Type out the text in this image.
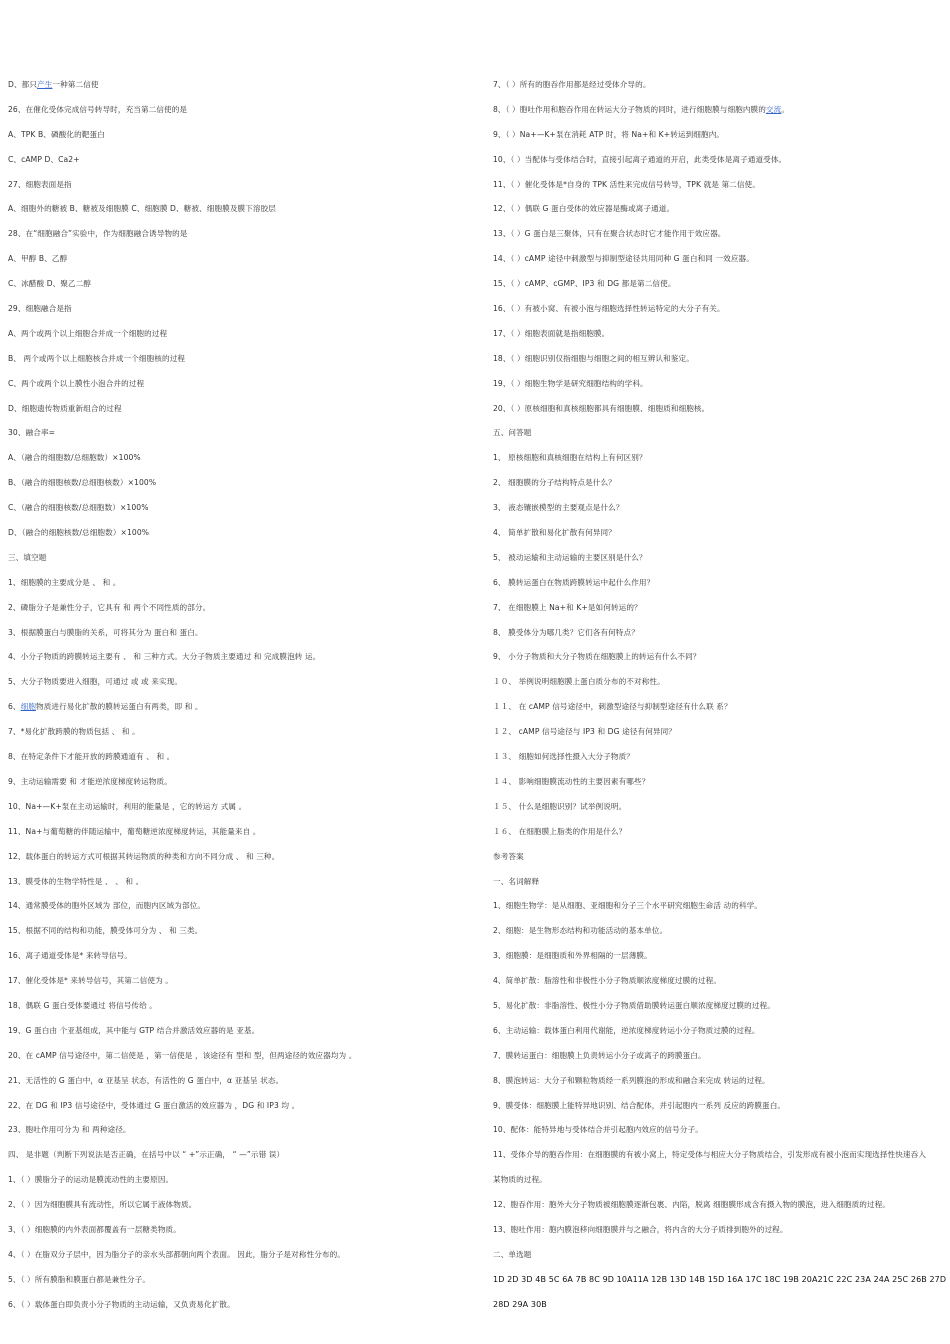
D、都只产生一种第二信使
26、在催化受体完成信号转导时，充当第二信使的是
A、TPK B、磷酸化的靶蛋白
C、cAMP D、Ca2+
27、细胞表面是指
A、细胞外的糖被 B、糖被及细胞膜 C、细胞膜 D、糖被、细胞膜及膜下溶胶层
28、在“细胞融合”实验中，作为细胞融合诱导物的是
A、甲醇 B、乙醇
C、冰醋酸 D、聚乙二醇
29、细胞融合是指
A、两个或两个以上细胞合并成一个细胞的过程
B、 两个或两个以上细胞核合并成一个细胞核的过程
C、两个或两个以上膜性小泡合并的过程
D、细胞遗传物质重新组合的过程
30、融合率=
A、（融合的细胞数/总细胞数）×100%
B、（融合的细胞核数/总细胞核数）×100%
C、（融合的细胞核数/总细胞数）×100%
D、（融合的细胞核数/总细胞数）×100%
三、填空题
1、细胞膜的主要成分是 、 和 。
2、磷脂分子是兼性分子，它具有 和 两个不同性质的部分。
3、根据膜蛋白与膜脂的关系，可将其分为 蛋白和 蛋白。
4、小分子物质的跨膜转运主要有 、 和 三种方式。大分子物质主要通过 和 完成膜泡转 运。
5、大分子物质要进入细胞，可通过 或 或 来实现。
6、细胞物质进行易化扩散的膜转运蛋白有两类，即 和 。
7、*易化扩散跨膜的物质包括 、 和 。
8、在特定条件下才能开放的跨膜通道有 、 和 。
9、主动运输需要 和 才能逆浓度梯度转运物质。
10、Na+—K+泵在主动运输时，利用的能量是 ，它的转运方 式属 。
11、Na+与葡萄糖的伴随运输中，葡萄糖逆浓度梯度转运，其能量来自 。
12、载体蛋白的转运方式可根据其转运物质的种类和方向不同分成 、 和 三种。
13、膜受体的生物学特性是 、 、 和 。
14、通常膜受体的胞外区域为 部位，而胞内区域为部位。
15、根据不同的结构和功能，膜受体可分为 、 和 三类。
16、离子通道受体是* 来转导信号。
17、催化受体是* 来转导信号，其第二信使为 。
18、偶联 G 蛋白受体要通过 将信号传给 。
19、G 蛋白由 个亚基组成，其中能与 GTP 结合并激活效应器的是 亚基。
20、在 cAMP 信号途径中，第二信使是 ，第一信使是 ，该途径有 型和 型，但两途径的效应器均为 。
21、无活性的 G 蛋白中，α 亚基呈 状态，有活性的 G 蛋白中，α 亚基呈 状态。
22、在 DG 和 IP3 信号途径中，受体通过 G 蛋白激活的效应器为 ，DG 和 IP3 均 。
23、胞吐作用可分为 和 两种途径。
四、 是非题（判断下列说法是否正确，在括号中以 “ +”示正确， “ —”示错 误）
1、（ ）膜脂分子的运动是膜流动性的主要原因。
2、（ ）因为细胞膜具有流动性，所以它属于液体物质。
3、（ ）细胞膜的内外表面都覆盖有一层糖类物质。
4、（ ）在脂双分子层中，因为脂分子的亲水头部都朝向两个表面。 因此，脂分子是对称性分布的。
5、（ ）所有膜脂和膜蛋白都是兼性分子。
6、（ ）载体蛋白即负责小分子物质的主动运输，又负责易化扩散。
7、（ ）所有的胞吞作用都是经过受体介导的。
8、（ ）胞吐作用和胞吞作用在转运大分子物质的同时，进行细胞膜与细胞内膜的交流。
9、（ ）Na+—K+泵在消耗 ATP 时，将 Na+和 K+转运到细胞内。
10、（ ）当配体与受体结合时，直接引起离子通道的开启，此类受体是离子通道受体。
11、（ ）催化受体是*自身的 TPK 活性来完成信号转导，TPK 就是 第二信使。
12、（ ）偶联 G 蛋白受体的效应器是酶或离子通道。
13、（ ）G 蛋白是三聚体，只有在聚合状态时它才能作用于效应器。
14、（ ）cAMP 途径中刺激型与抑制型途径共用同种 G 蛋白和同 一效应器。
15、（ ）cAMP、cGMP、IP3 和 DG 都是第二信使。
16、（ ）有被小窝、有被小泡与细胞选择性转运特定的大分子有关。
17、（ ）细胞表面就是指细胞膜。
18、（ ）细胞识别仅指细胞与细胞之间的相互辨认和鉴定。
19、（ ）细胞生物学是研究细胞结构的学科。
20、（ ）原核细胞和真核细胞都具有细胞膜、细胞质和细胞核。
五、问答题
1、 原核细胞和真核细胞在结构上有何区别？
2、 细胞膜的分子结构特点是什么？
3、 液态镶嵌模型的主要观点是什么？
4、 简单扩散和易化扩散有何异同？
5、 被动运输和主动运输的主要区别是什么？
6、 膜转运蛋白在物质跨膜转运中起什么作用？
7、 在细胞膜上 Na+和 K+是如何转运的？
8、 膜受体分为哪几类？它们各有何特点？
9、 小分子物质和大分子物质在细胞膜上的转运有什么不同？
１０、 举例说明细胞膜上蛋白质分布的不对称性。
１１、 在 cAMP 信号途径中，刺激型途径与抑制型途径有什么联 系？
１２、 cAMP 信号途径与 IP3 和 DG 途径有何异同？
１３、 细胞如何选择性摄入大分子物质？
１４、 影响细胞膜流动性的主要因素有哪些？
１５、 什么是细胞识别？试举例说明。
１６、 在细胞膜上脂类的作用是什么？
参考答案
一、名词解释
1、细胞生物学：是从细胞、亚细胞和分子三个水平研究细胞生命活 动的科学。
2、细胞：是生物形态结构和功能活动的基本单位。
3、细胞膜：是细胞质和外界相隔的一层薄膜。
4、简单扩散：脂溶性和非极性小分子物质顺浓度梯度过膜的过程。
5、易化扩散：非脂溶性、极性小分子物质借助膜转运蛋白顺浓度梯度过膜的过程。
6、主动运输：载体蛋白利用代谢能，逆浓度梯度转运小分子物质过膜的过程。
7、膜转运蛋白：细胞膜上负责转运小分子或离子的跨膜蛋白。
8、膜泡转运：大分子和颗粒物质经一系列膜泡的形成和融合来完成 转运的过程。
9、膜受体：细胞膜上能特异地识别、结合配体，并引起胞内一系列 反应的跨膜蛋白。
10、配体：能特异地与受体结合并引起胞内效应的信号分子。
11、受体介导的胞吞作用：在细胞膜的有被小窝上，特定受体与相应大分子物质结合，引发形成有被小泡而实现选择性快速吞入
某物质的过程。
12、胞吞作用：胞外大分子物质被细胞膜逐渐包裹、内陷，脱离 细胞膜形成含有摄入物的膜泡，进入细胞质的过程。
13、胞吐作用：胞内膜泡移向细胞膜并与之融合，将内含的大分子质排到胞外的过程。
二、单选题
1D 2D 3D 4B 5C 6A 7B 8C 9D 10A11A 12B 13D 14B 15D 16A 17C 18C 19B 20A21C 22C 23A 24A 25C 26B 27D
28D 29A 30B
